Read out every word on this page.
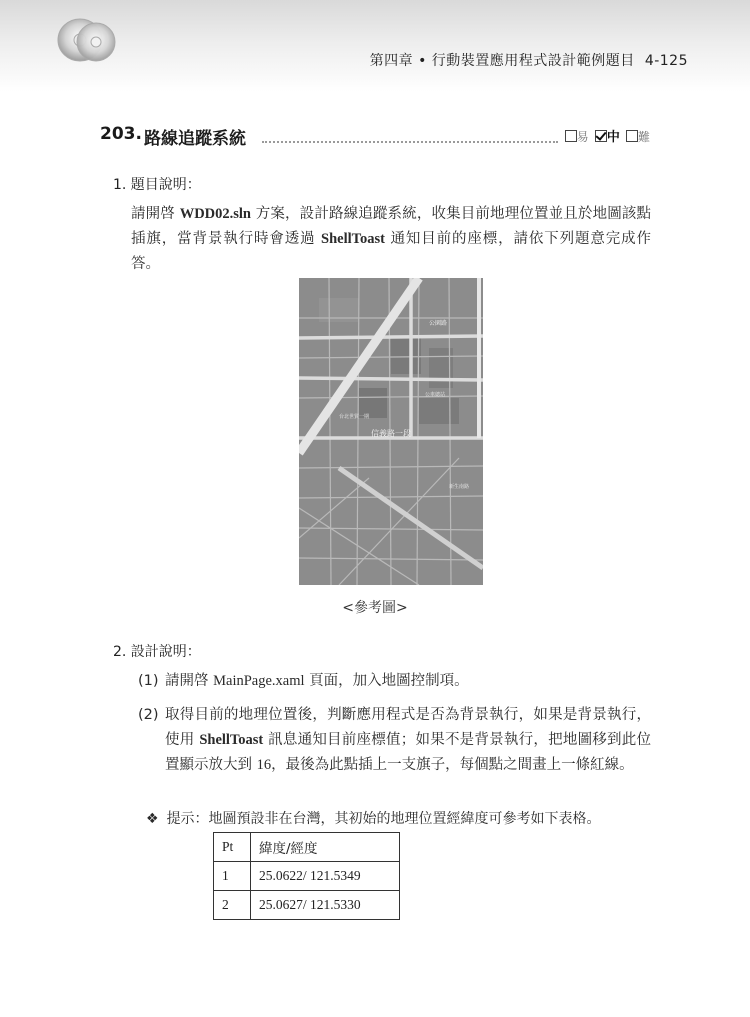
第四章 • 行動裝置應用程式設計範例題目 4-125
203. 路線追蹤系統	易 中 難
1. 題目說明：
請開啓 WDD02.sln 方案，設計路線追蹤系統，收集目前地理位置並且於地圖該點插旗，當背景執行時會透過 ShellToast 通知目前的座標，請依下列題意完成作答。
公園路
信義路一段
台北世貿一期
新生南路
公車總站
<參考圖>
2. 設計說明：
(1) 請開啓 MainPage.xaml 頁面，加入地圖控制項。
(2) 取得目前的地理位置後，判斷應用程式是否為背景執行，如果是背景執行，使用 ShellToast 訊息通知目前座標值；如果不是背景執行，把地圖移到此位置顯示放大到 16，最後為此點插上一支旗子，每個點之間畫上一條紅線。
❖ 提示：地圖預設非在台灣，其初始的地理位置經緯度可參考如下表格。
Pt	緯度/經度
1	25.0622/ 121.5349
2	25.0627/ 121.5330
